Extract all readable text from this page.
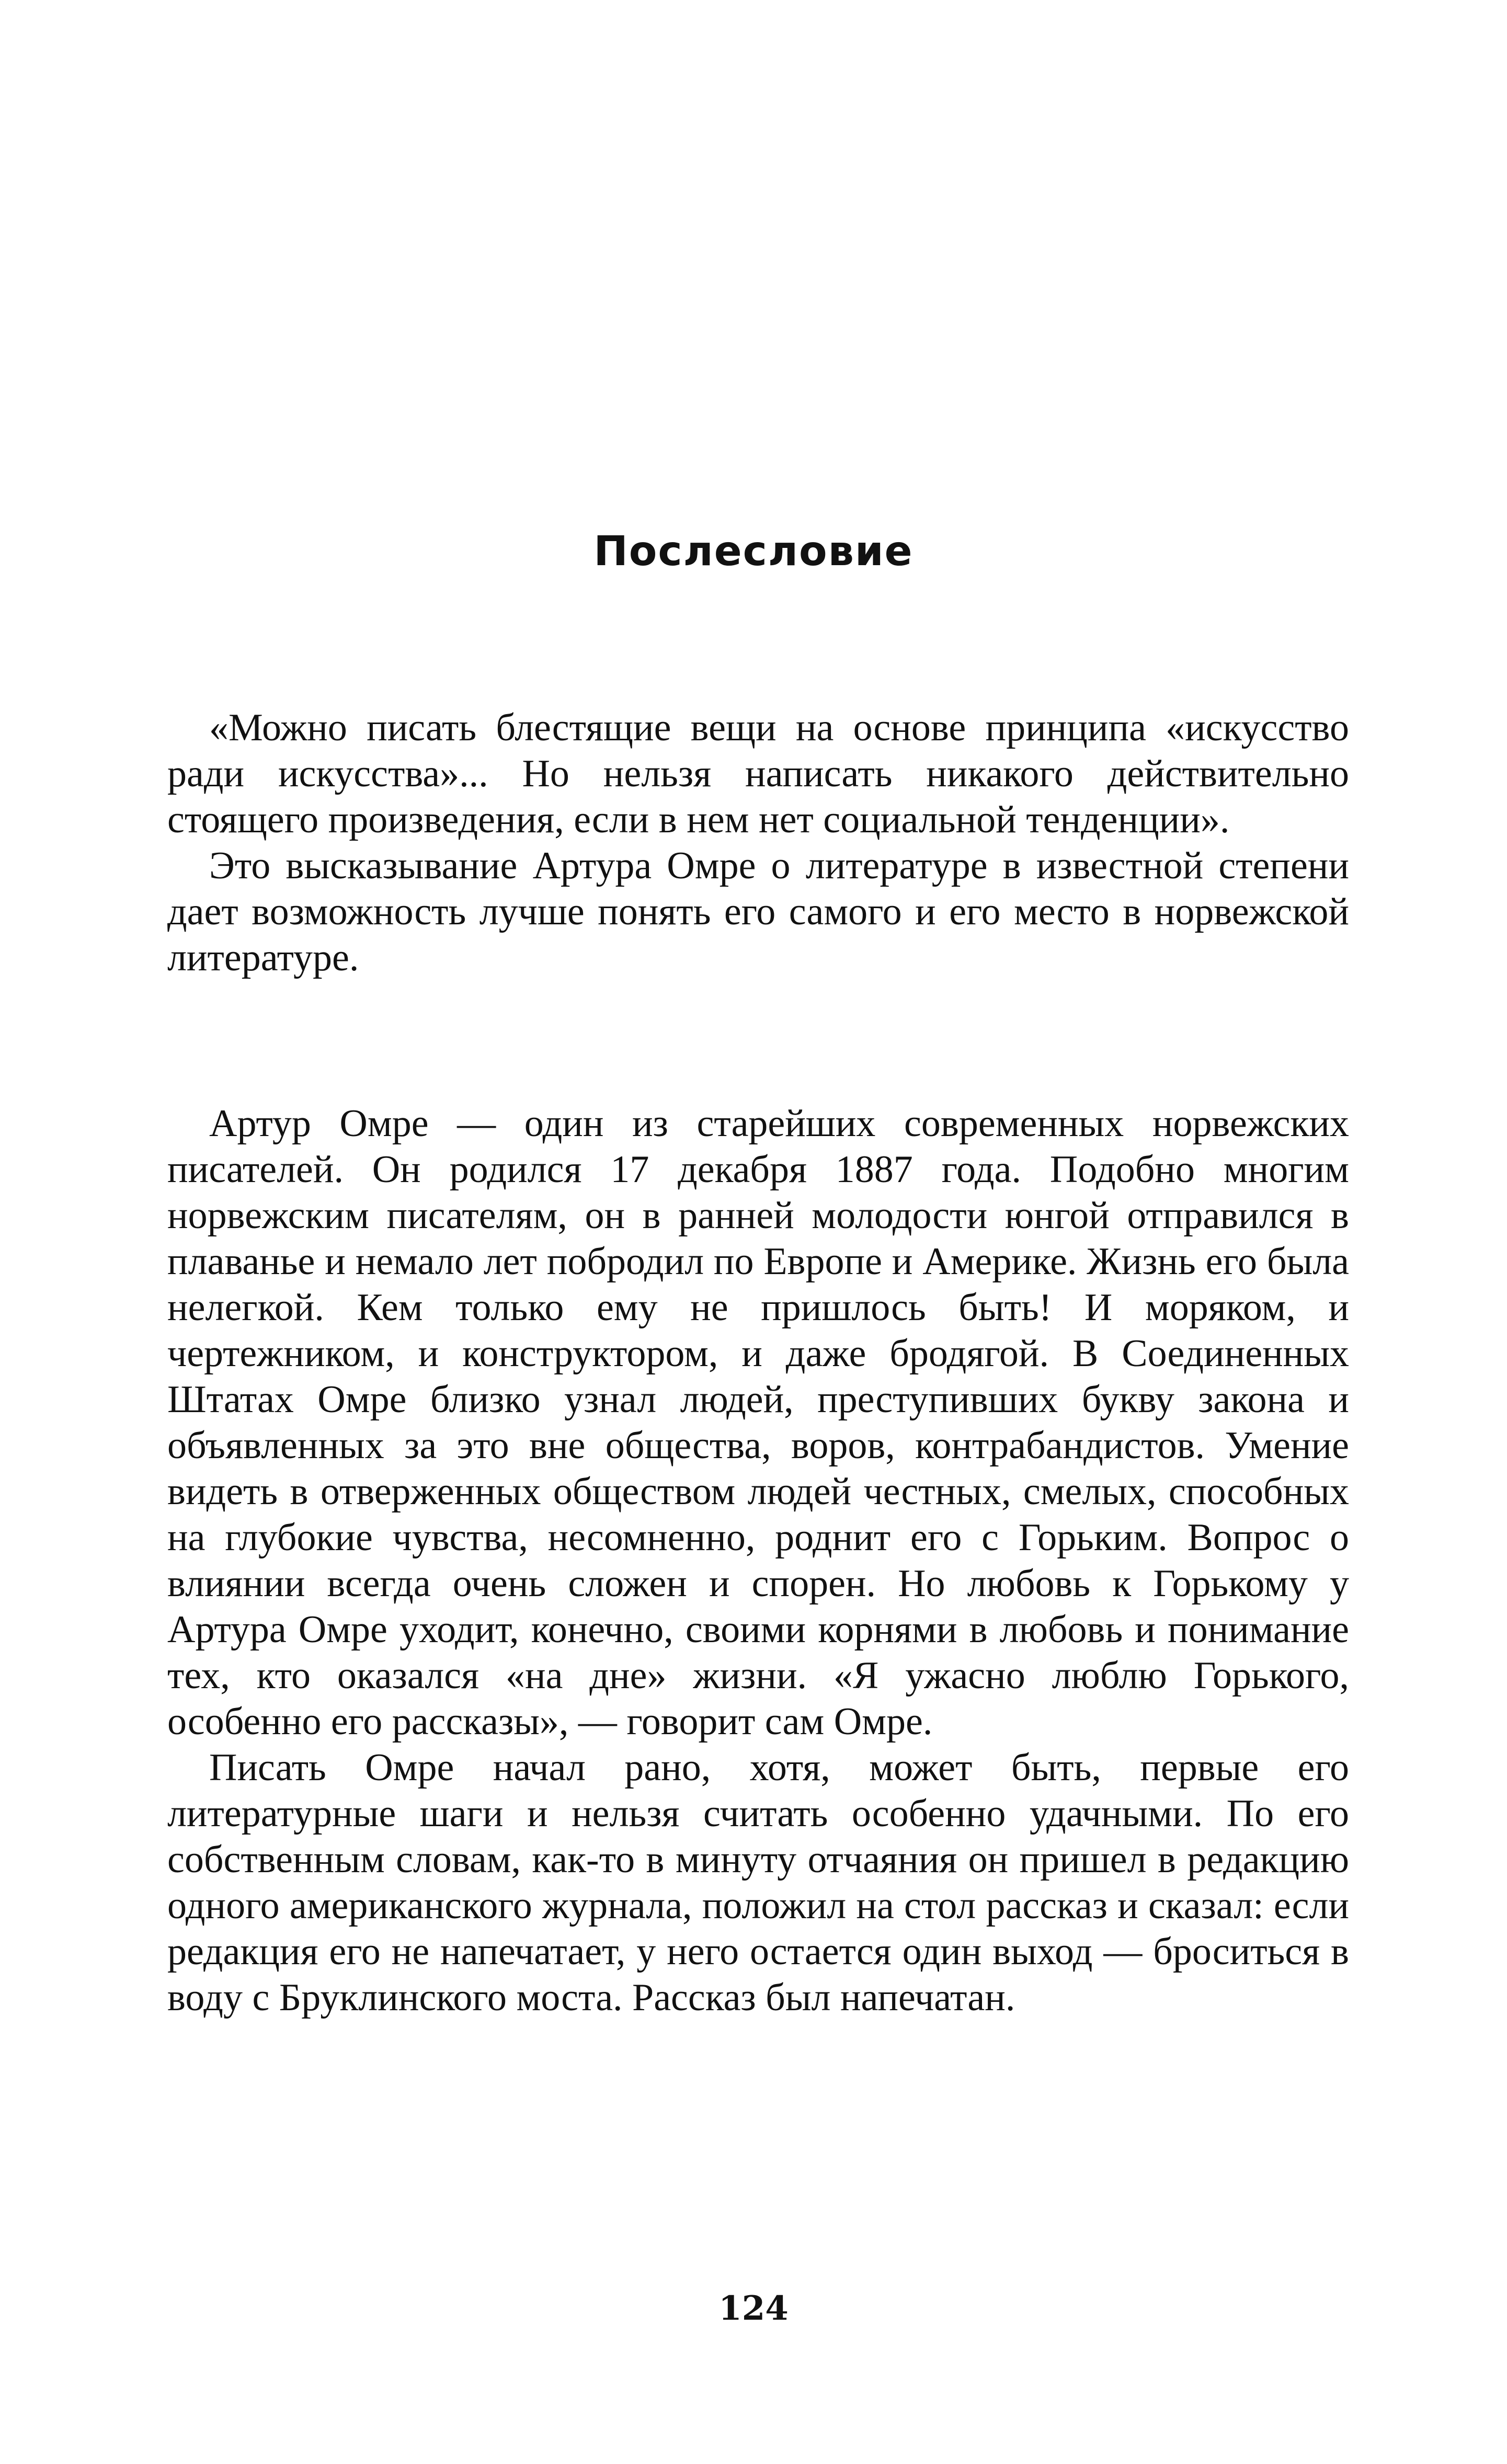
Послесловие

«Можно писать блестящие вещи на основе принципа «искусство ради искусства»... Но нельзя написать никакого действительно стоящего произведения, если в нем нет социальной тенденции».

Это высказывание Артура Омре о литературе в известной степени дает возможность лучше понять его самого и его место в норвежской литературе.

Артур Омре — один из старейших современных норвежских писателей. Он родился 17 декабря 1887 года. Подобно многим норвежским писателям, он в ранней молодости юнгой отправился в плаванье и немало лет побродил по Европе и Америке. Жизнь его была нелегкой. Кем только ему не пришлось быть! И моряком, и чертежником, и конструктором, и даже бродягой. В Соединенных Штатах Омре близко узнал людей, преступивших букву закона и объявленных за это вне общества, воров, контрабандистов. Умение видеть в отверженных обществом людей честных, смелых, способных на глубокие чувства, несомненно, роднит его с Горьким. Вопрос о влиянии всегда очень сложен и спорен. Но любовь к Горькому у Артура Омре уходит, конечно, своими корнями в любовь и понимание тех, кто оказался «на дне» жизни. «Я ужасно люблю Горького, особенно его рассказы», — говорит сам Омре.

Писать Омре начал рано, хотя, может быть, первые его литературные шаги и нельзя считать особенно удачными. По его собственным словам, как-то в минуту отчаяния он пришел в редакцию одного американского журнала, положил на стол рассказ и сказал: если редакция его не напечатает, у него остается один выход — броситься в воду с Бруклинского моста. Рассказ был напечатан.

124
